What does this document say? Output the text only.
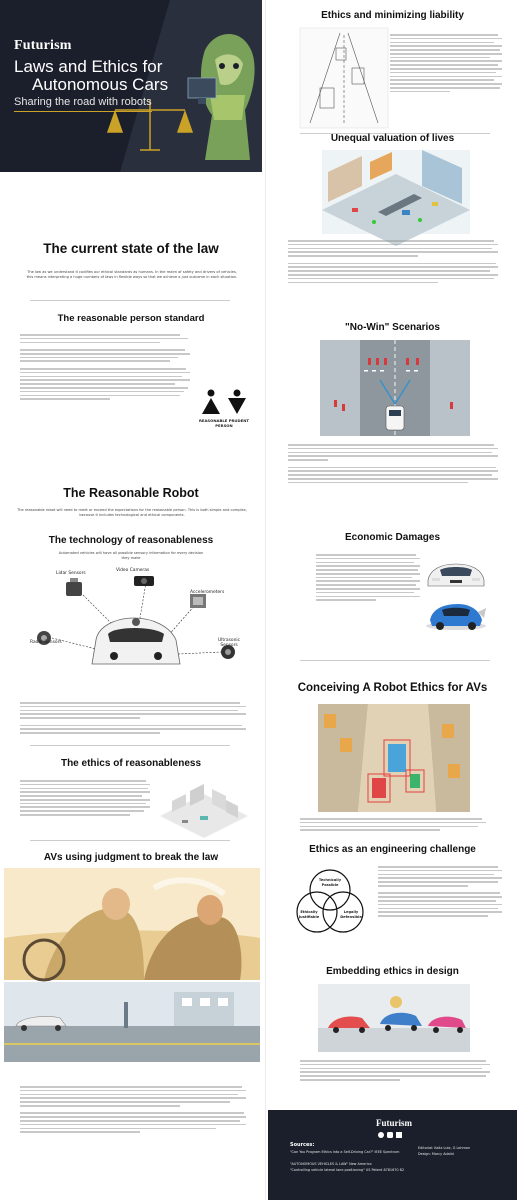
Futurism
Laws and Ethics for
Autonomous Cars
Sharing the road with robots
Autonomous vehicles are likely to be much safer than those operated by humans, but they won't be perfect. They will also be sharing the roads with human driven vehicles, at least for awhile. This means that a body of laws and ethics for autonomous vehicles must be developed—but what will that look like?
The current state of the law
The law as we understand it codifies our ethical standards as humans. In the realm of safety and drivers of vehicles, this means interpreting a huge numbers of laws in flexible ways so that we achieve a just outcome in each situation.
The reasonable person standard
REASONABLE PRUDENT PERSON
The Reasonable Robot
The reasonable robot will need to meet or exceed the expectations for the reasonable person. This is both simple and complex, because it includes technological and ethical components.
The technology of reasonableness
Automated vehicles will have all possible sensory information for every decision they make
Video Cameras
Lidar Sensors
Accelerometers
Radar Sensors	Ultrasonic Sensors
The ethics of reasonableness
AVs using judgment to break the law
Ethics and minimizing liability
Unequal valuation of lives
"No-Win" Scenarios
Economic Damages
Conceiving A Robot Ethics for AVs
Ethics as an engineering challenge
Technically Possible
Ethically Justifiable
Legally Defensible
Embedding ethics in design
Futurism
Sources:
"Can You Program Ethics Into a Self-Driving Car?" IEEE Spectrum
"AUTONOMOUS VEHICLES & LAW" New America
"Controlling vehicle lateral lane positioning" US Patent 8781670 B2
Editorial: Kaila Lutz, G Lohman
Design: Marcy Adalid
